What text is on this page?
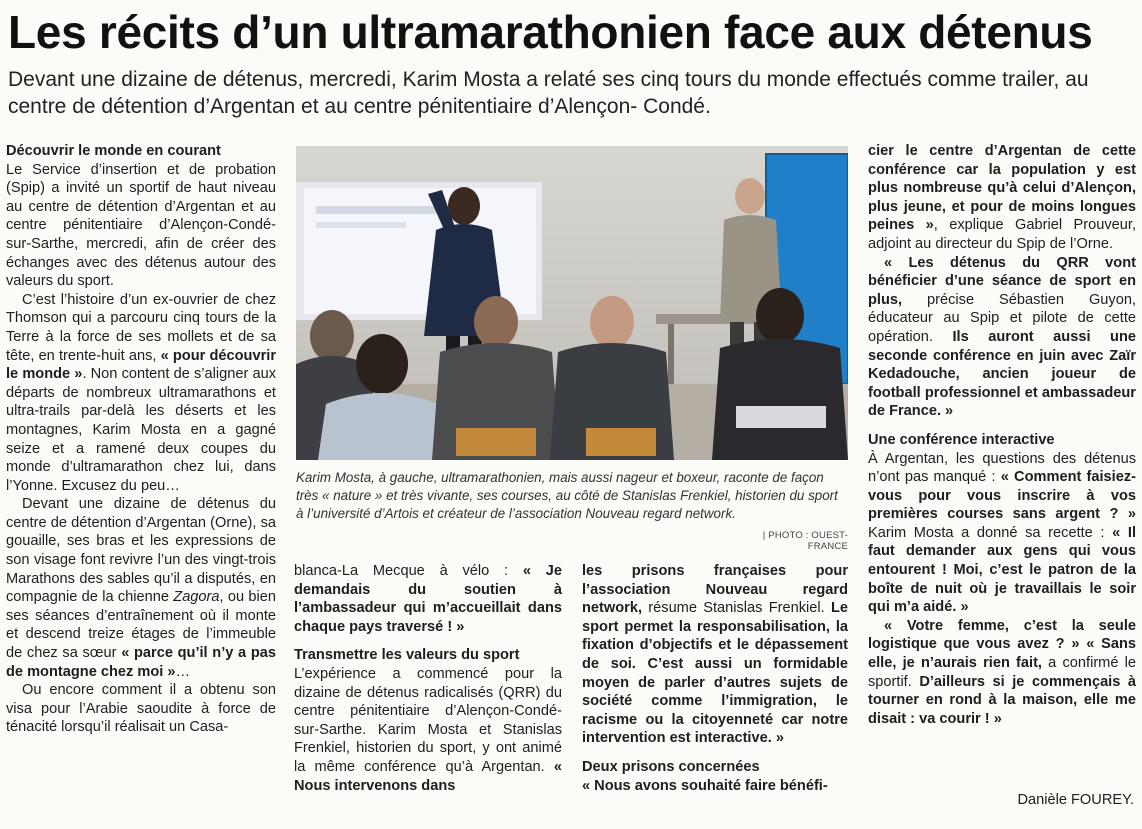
Les récits d’un ultramarathonien face aux détenus

Devant une dizaine de détenus, mercredi, Karim Mosta a relaté ses cinq tours du monde effectués comme trailer, au centre de détention d’Argentan et au centre pénitentiaire d’Alençon- Condé.

Découvrir le monde en courant

Le Service d’insertion et de probation (Spip) a invité un sportif de haut niveau au centre de détention d’Argentan et au centre pénitentiaire d’Alençon-Condé-sur-Sarthe, mercredi, afin de créer des échanges avec des détenus autour des valeurs du sport.

C’est l’histoire d’un ex-ouvrier de chez Thomson qui a parcouru cinq tours de la Terre à la force de ses mollets et de sa tête, en trente-huit ans, « pour découvrir le monde ». Non content de s’aligner aux départs de nombreux ultramarathons et ultra-trails par-delà les déserts et les montagnes, Karim Mosta en a gagné seize et a ramené deux coupes du monde d’ultramarathon chez lui, dans l’Yonne. Excusez du peu…

Devant une dizaine de détenus du centre de détention d’Argentan (Orne), sa gouaille, ses bras et les expressions de son visage font revivre l’un des vingt-trois Marathons des sables qu’il a disputés, en compagnie de la chienne Zagora, ou bien ses séances d’entraînement où il monte et descend treize étages de l’immeuble de chez sa sœur « parce qu’il n’y a pas de montagne chez moi »…

Ou encore comment il a obtenu son visa pour l’Arabie saoudite à force de ténacité lorsqu’il réalisait un Casa-

Karim Mosta, à gauche, ultramarathonien, mais aussi nageur et boxeur, raconte de façon très « nature » et très vivante, ses courses, au côté de Stanislas Frenkiel, historien du sport à l’université d’Artois et créateur de l’association Nouveau regard network.
| PHOTO : OUEST-FRANCE

blanca-La Mecque à vélo : « Je demandais du soutien à l’ambassadeur qui m’accueillait dans chaque pays traversé ! »

Transmettre les valeurs du sport

L’expérience a commencé pour la dizaine de détenus radicalisés (QRR) du centre pénitentiaire d’Alençon-Condé-sur-Sarthe. Karim Mosta et Stanislas Frenkiel, historien du sport, y ont animé la même conférence qu’à Argentan. « Nous intervenons dans

les prisons françaises pour l’association Nouveau regard network, résume Stanislas Frenkiel. Le sport permet la responsabilisation, la fixation d’objectifs et le dépassement de soi. C’est aussi un formidable moyen de parler d’autres sujets de société comme l’immigration, le racisme ou la citoyenneté car notre intervention est interactive. »

Deux prisons concernées

« Nous avons souhaité faire bénéfi-

cier le centre d’Argentan de cette conférence car la population y est plus nombreuse qu’à celui d’Alençon, plus jeune, et pour de moins longues peines », explique Gabriel Prouveur, adjoint au directeur du Spip de l’Orne.

« Les détenus du QRR vont bénéficier d’une séance de sport en plus, précise Sébastien Guyon, éducateur au Spip et pilote de cette opération. Ils auront aussi une seconde conférence en juin avec Zaïr Kedadouche, ancien joueur de football professionnel et ambassadeur de France. »

Une conférence interactive

À Argentan, les questions des détenus n’ont pas manqué : « Comment faisiez-vous pour vous inscrire à vos premières courses sans argent ? » Karim Mosta a donné sa recette : « Il faut demander aux gens qui vous entourent ! Moi, c’est le patron de la boîte de nuit où je travaillais le soir qui m’a aidé. »

« Votre femme, c’est la seule logistique que vous avez ? » « Sans elle, je n’aurais rien fait, a confirmé le sportif. D’ailleurs si je commençais à tourner en rond à la maison, elle me disait : va courir ! »

Danièle FOUREY.
